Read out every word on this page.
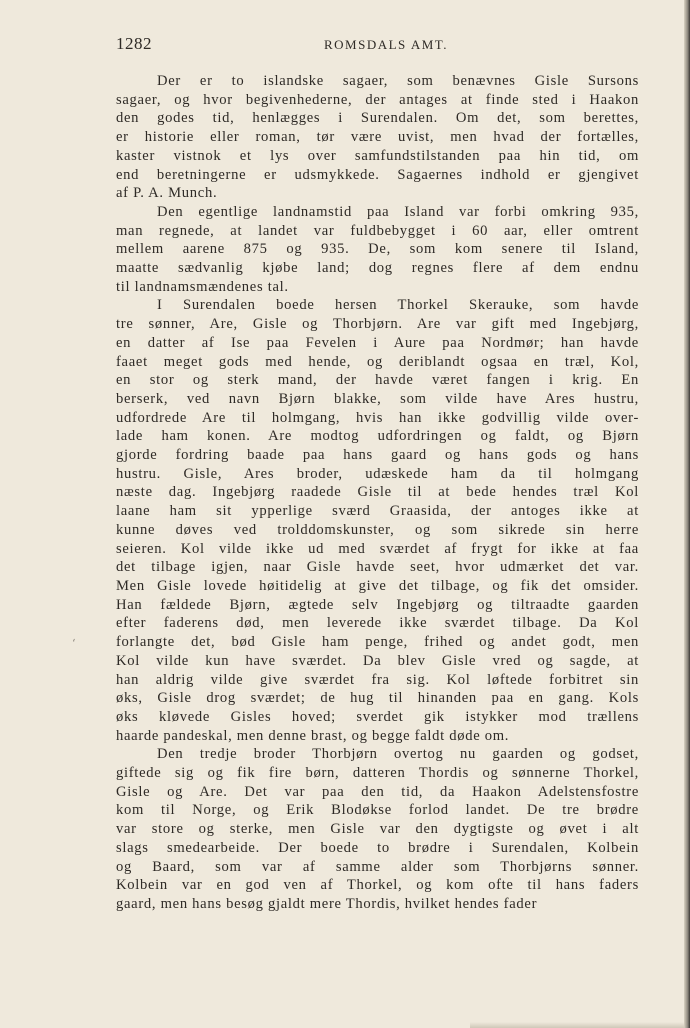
1282	ROMSDALS AMT.
ʻ
Der er to islandske sagaer, som benævnes Gisle Sursons
sagaer, og hvor begivenhederne, der antages at finde sted i Haakon
den godes tid, henlægges i Surendalen. Om det, som berettes,
er historie eller roman, tør være uvist, men hvad der fortælles,
kaster vistnok et lys over samfundstilstanden paa hin tid, om
end beretningerne er udsmykkede. Sagaernes indhold er gjengivet
af P. A. Munch.
Den egentlige landnamstid paa Island var forbi omkring 935,
man regnede, at landet var fuldbebygget i 60 aar, eller omtrent
mellem aarene 875 og 935. De, som kom senere til Island,
maatte sædvanlig kjøbe land; dog regnes flere af dem endnu
til landnamsmændenes tal.
I Surendalen boede hersen Thorkel Skerauke, som havde
tre sønner, Are, Gisle og Thorbjørn. Are var gift med Ingebjørg,
en datter af Ise paa Fevelen i Aure paa Nordmør; han havde
faaet meget gods med hende, og deriblandt ogsaa en træl, Kol,
en stor og sterk mand, der havde været fangen i krig. En
berserk, ved navn Bjørn blakke, som vilde have Ares hustru,
udfordrede Are til holmgang, hvis han ikke godvillig vilde over-
lade ham konen. Are modtog udfordringen og faldt, og Bjørn
gjorde fordring baade paa hans gaard og hans gods og hans
hustru. Gisle, Ares broder, udæskede ham da til holmgang
næste dag. Ingebjørg raadede Gisle til at bede hendes træl Kol
laane ham sit ypperlige sværd Graasida, der antoges ikke at
kunne døves ved trolddomskunster, og som sikrede sin herre
seieren. Kol vilde ikke ud med sværdet af frygt for ikke at faa
det tilbage igjen, naar Gisle havde seet, hvor udmærket det var.
Men Gisle lovede høitidelig at give det tilbage, og fik det omsider.
Han fældede Bjørn, ægtede selv Ingebjørg og tiltraadte gaarden
efter faderens død, men leverede ikke sværdet tilbage. Da Kol
forlangte det, bød Gisle ham penge, frihed og andet godt, men
Kol vilde kun have sværdet. Da blev Gisle vred og sagde, at
han aldrig vilde give sværdet fra sig. Kol løftede forbitret sin
øks, Gisle drog sværdet; de hug til hinanden paa en gang. Kols
øks kløvede Gisles hoved; sverdet gik istykker mod trællens
haarde pandeskal, men denne brast, og begge faldt døde om.
Den tredje broder Thorbjørn overtog nu gaarden og godset,
giftede sig og fik fire børn, datteren Thordis og sønnerne Thorkel,
Gisle og Are. Det var paa den tid, da Haakon Adelstensfostre
kom til Norge, og Erik Blodøkse forlod landet. De tre brødre
var store og sterke, men Gisle var den dygtigste og øvet i alt
slags smedearbeide. Der boede to brødre i Surendalen, Kolbein
og Baard, som var af samme alder som Thorbjørns sønner.
Kolbein var en god ven af Thorkel, og kom ofte til hans faders
gaard, men hans besøg gjaldt mere Thordis, hvilket hendes fader
